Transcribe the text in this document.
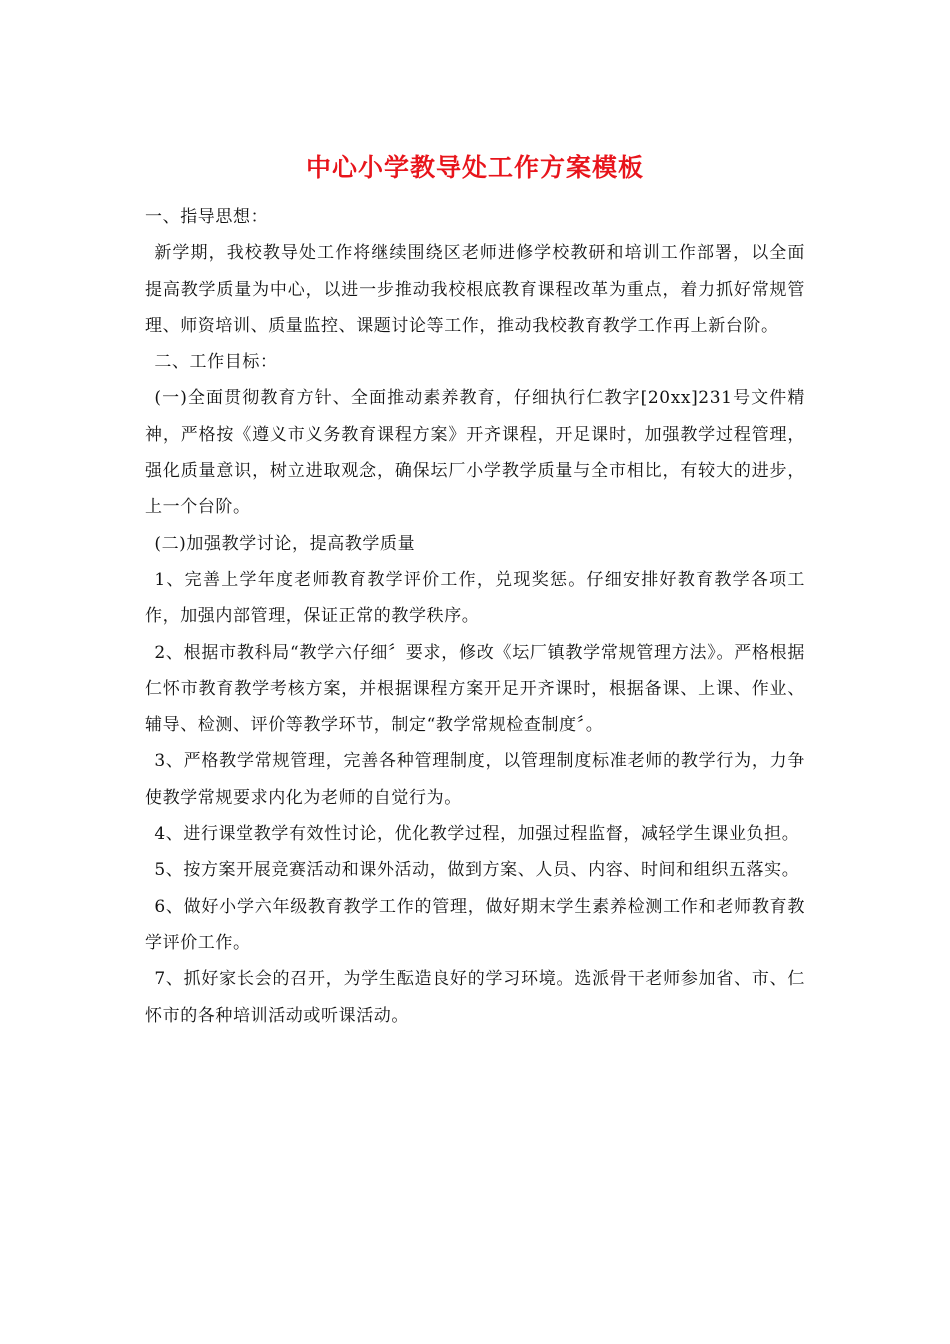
中心小学教导处工作方案模板

一、指导思想：

新学期，我校教导处工作将继续围绕区老师进修学校教研和培训工作部署，以全面提高教学质量为中心，以进一步推动我校根底教育课程改革为重点，着力抓好常规管理、师资培训、质量监控、课题讨论等工作，推动我校教育教学工作再上新台阶。

二、工作目标：

(一)全面贯彻教育方针、全面推动素养教育，仔细执行仁教字[20xx]231号文件精神，严格按《遵义市义务教育课程方案》开齐课程，开足课时，加强教学过程管理，强化质量意识，树立进取观念，确保坛厂小学教学质量与全市相比，有较大的进步，上一个台阶。

(二)加强教学讨论，提高教学质量

1、完善上学年度老师教育教学评价工作，兑现奖惩。仔细安排好教育教学各项工作，加强内部管理，保证正常的教学秩序。

2、根据市教科局“教学六仔细〞要求，修改《坛厂镇教学常规管理方法》。严格根据仁怀市教育教学考核方案，并根据课程方案开足开齐课时，根据备课、上课、作业、辅导、检测、评价等教学环节，制定“教学常规检查制度〞。

3、严格教学常规管理，完善各种管理制度，以管理制度标准老师的教学行为，力争使教学常规要求内化为老师的自觉行为。

4、进行课堂教学有效性讨论，优化教学过程，加强过程监督，减轻学生课业负担。

5、按方案开展竞赛活动和课外活动，做到方案、人员、内容、时间和组织五落实。

6、做好小学六年级教育教学工作的管理，做好期末学生素养检测工作和老师教育教学评价工作。

7、抓好家长会的召开，为学生酝造良好的学习环境。选派骨干老师参加省、市、仁怀市的各种培训活动或听课活动。
